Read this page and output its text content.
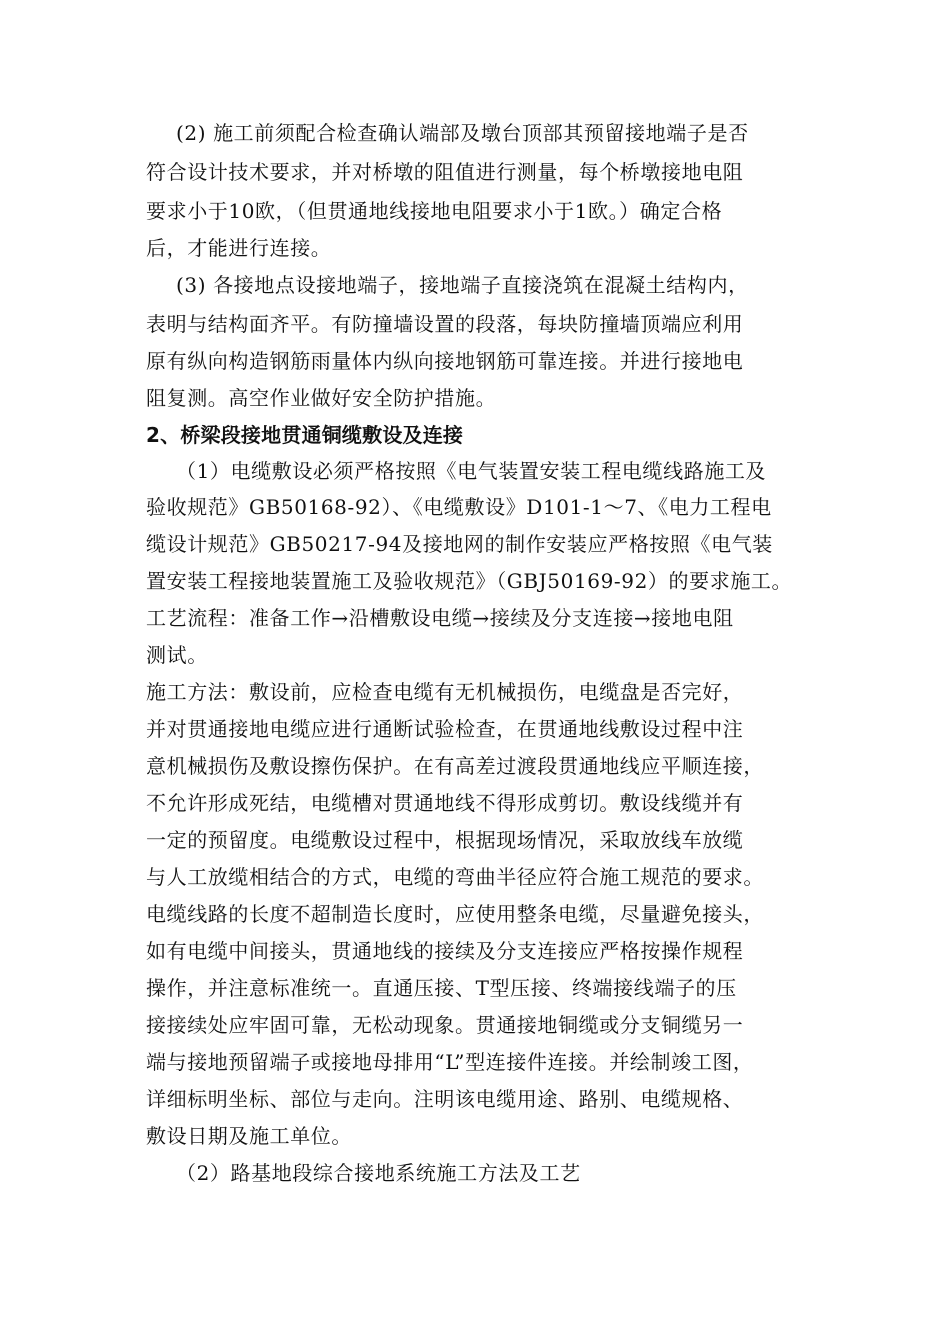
(2) 施工前须配合检查确认端部及墩台顶部其预留接地端子是否
符合设计技术要求，并对桥墩的阻值进行测量，每个桥墩接地电阻
要求小于10欧，（但贯通地线接地电阻要求小于1欧。）确定合格
后，才能进行连接。
(3) 各接地点设接地端子，接地端子直接浇筑在混凝土结构内，
表明与结构面齐平。有防撞墙设置的段落，每块防撞墙顶端应利用
原有纵向构造钢筋雨量体内纵向接地钢筋可靠连接。并进行接地电
阻复测。高空作业做好安全防护措施。
2、桥梁段接地贯通铜缆敷设及连接
（1）电缆敷设必须严格按照《电气装置安装工程电缆线路施工及
验收规范》GB50168-92）、《电缆敷设》D101-1～7、《电力工程电
缆设计规范》GB50217-94及接地网的制作安装应严格按照《电气装
置安装工程接地装置施工及验收规范》（GBJ50169-92）的要求施工。
工艺流程：准备工作→沿槽敷设电缆→接续及分支连接→接地电阻
测试。
施工方法：敷设前，应检查电缆有无机械损伤，电缆盘是否完好，
并对贯通接地电缆应进行通断试验检查，在贯通地线敷设过程中注
意机械损伤及敷设擦伤保护。在有高差过渡段贯通地线应平顺连接，
不允许形成死结，电缆槽对贯通地线不得形成剪切。敷设线缆并有
一定的预留度。电缆敷设过程中，根据现场情况，采取放线车放缆
与人工放缆相结合的方式，电缆的弯曲半径应符合施工规范的要求。
电缆线路的长度不超制造长度时，应使用整条电缆，尽量避免接头，
如有电缆中间接头，贯通地线的接续及分支连接应严格按操作规程
操作，并注意标准统一。直通压接、T型压接、终端接线端子的压
接接续处应牢固可靠，无松动现象。贯通接地铜缆或分支铜缆另一
端与接地预留端子或接地母排用“L”型连接件连接。并绘制竣工图，
详细标明坐标、部位与走向。注明该电缆用途、路别、电缆规格、
敷设日期及施工单位。
（2）路基地段综合接地系统施工方法及工艺
